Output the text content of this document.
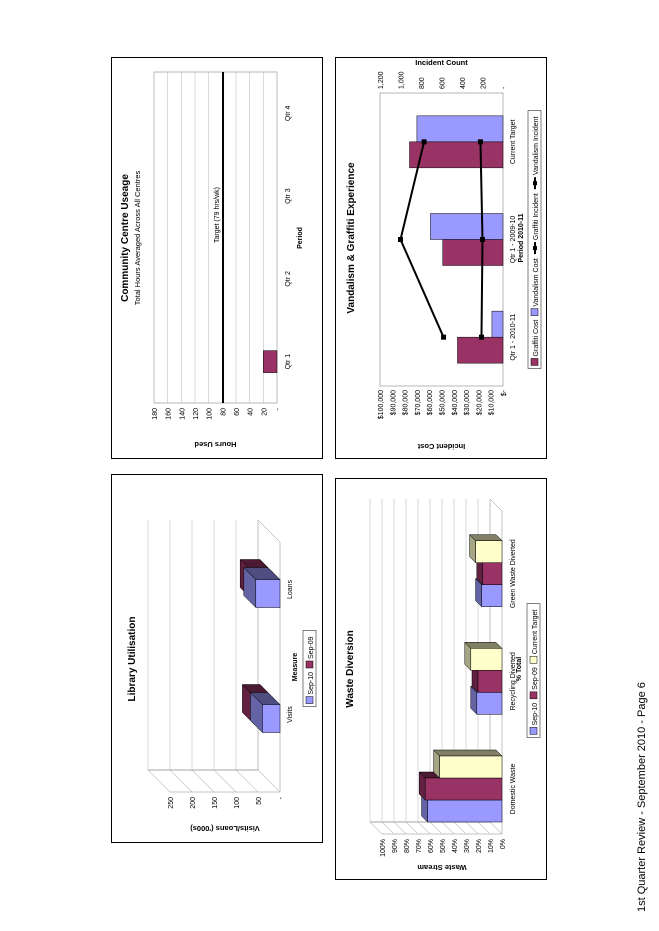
1st Quarter Review - September 2010 - Page 6
Library Utilisation
-
50
100
150
200
250
Visits/Loans ('000s)
Visits
Loans
Measure
Sep-10
Sep-09
Community Centre Useage Total Hours Averaged Across All Centres
-
20
40
60
80
100
120
140
160
180
Hours Used
Qtr 1
Qtr 2
Qtr 3
Qtr 4
Target (79 hrs/wk)	Period
Waste Diversion
0%
10%
20%
30%
40%
50%
60%
70%
80%
90%
100%
Waste Stream
Domestic Waste
Recycling Diverted
Green Waste Diverted
% Total
Sep-10
Sep-09
Current Target
Vandalism & Graffiti Experience
$-
$10,000
$20,000
$30,000
$40,000
$50,000
$60,000
$70,000
$80,000
$90,000
$100,000
-
200
400
600
800
1,000
1,200
Incident Cost
Incident Count
Qtr 1 - 2010-11
Qtr 1 - 2009-10
Current Target
Period 2010-11
Graffiti Cost
Vandalism Cost
Graffiti Incident
Vandalism Incident
